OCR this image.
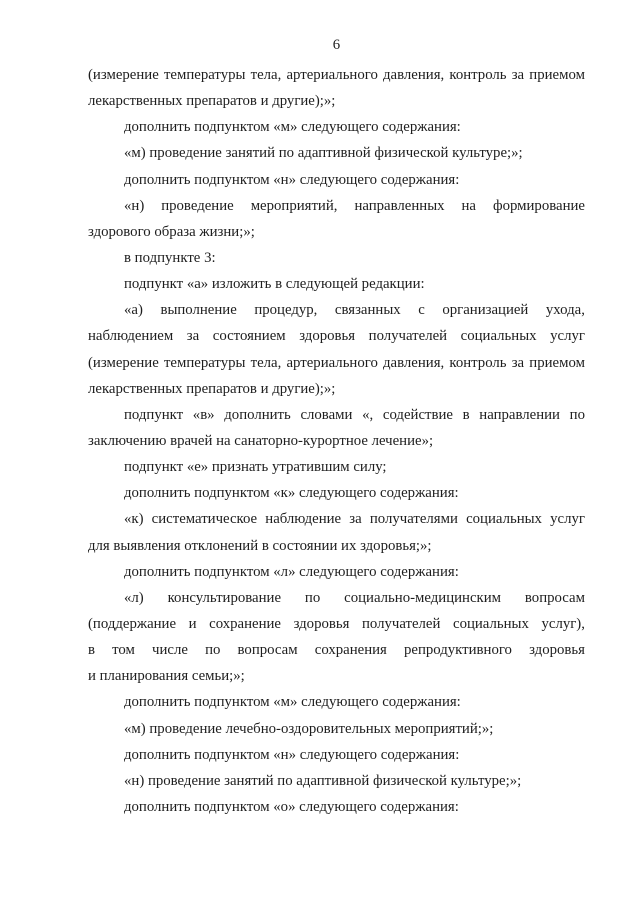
6
(измерение температуры тела, артериального давления, контроль за приемом
лекарственных препаратов и другие);»;
дополнить подпунктом «м» следующего содержания:
«м) проведение занятий по адаптивной физической культуре;»;
дополнить подпунктом «н» следующего содержания:
«н) проведение мероприятий, направленных на формирование
здорового образа жизни;»;
в подпункте 3:
подпункт «а» изложить в следующей редакции:
«а) выполнение процедур, связанных с организацией ухода,
наблюдением за состоянием здоровья получателей социальных услуг
(измерение температуры тела, артериального давления, контроль за приемом
лекарственных препаратов и другие);»;
подпункт «в» дополнить словами «, содействие в направлении по
заключению врачей на санаторно-курортное лечение»;
подпункт «е» признать утратившим силу;
дополнить подпунктом «к» следующего содержания:
«к) систематическое наблюдение за получателями социальных услуг
для выявления отклонений в состоянии их здоровья;»;
дополнить подпунктом «л» следующего содержания:
«л) консультирование по социально-медицинским вопросам
(поддержание и сохранение здоровья получателей социальных услуг),
в том числе по вопросам сохранения репродуктивного здоровья
и планирования семьи;»;
дополнить подпунктом «м» следующего содержания:
«м) проведение лечебно-оздоровительных мероприятий;»;
дополнить подпунктом «н» следующего содержания:
«н) проведение занятий по адаптивной физической культуре;»;
дополнить подпунктом «о» следующего содержания:
